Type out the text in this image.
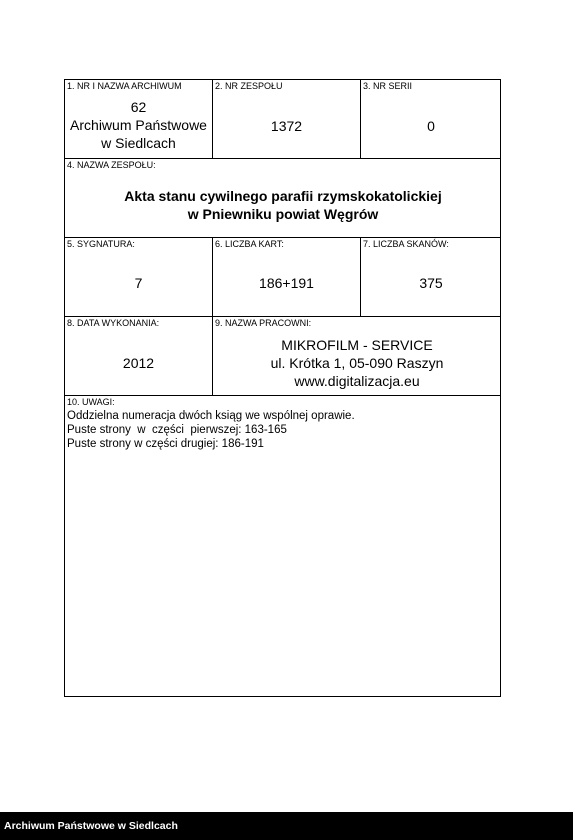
1. NR I NAZWA ARCHIWUM
62
Archiwum Państwowe
w Siedlcach
2. NR ZESPOŁU
1372
3. NR SERII
0
4. NAZWA ZESPOŁU:
Akta stanu cywilnego parafii rzymskokatolickiej
w Pniewniku powiat Węgrów
5. SYGNATURA:
7
6. LICZBA KART:
186+191
7. LICZBA SKANÓW:
375
8. DATA WYKONANIA:
2012
9. NAZWA PRACOWNI:
MIKROFILM - SERVICE
ul. Krótka 1, 05-090 Raszyn
www.digitalizacja.eu
10. UWAGI:
Oddzielna numeracja dwóch ksiąg we wspólnej oprawie.
Puste strony  w  części  pierwszej: 163-165
Puste strony w części drugiej: 186-191
Archiwum Państwowe w Siedlcach
